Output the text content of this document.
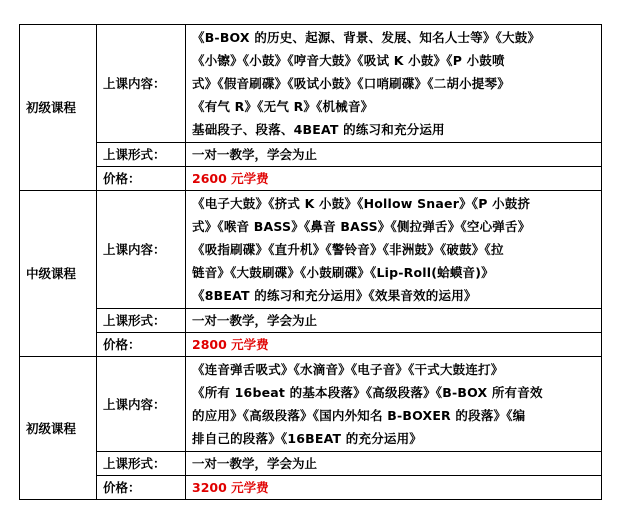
初级课程	上课内容：	《B-BOX 的历史、起源、背景、发展、知名人士等》《大鼓》
《小镲》《小鼓》《哼音大鼓》《吸试 K 小鼓》《P 小鼓喷
式》《假音刷碟》《吸试小鼓》《口哨刷碟》《二胡小提琴》
《有气 R》《无气 R》《机械音》
基础段子、段落、4BEAT 的练习和充分运用

	上课形式：	一对一教学，学会为止
	价格：	2600 元学费
中级课程	上课内容：	《电子大鼓》《挤式 K 小鼓》《Hollow Snaer》《P 小鼓挤
式》《喉音 BASS》《鼻音 BASS》《侧拉弹舌》《空心弹舌》
《吸指刷碟》《直升机》《警铃音》《非洲鼓》《破鼓》《拉
链音》《大鼓刷碟》《小鼓刷碟》《Lip-Roll(蛤蟆音)》
《8BEAT 的练习和充分运用》《效果音效的运用》

	上课形式：	一对一教学，学会为止
	价格：	2800 元学费
初级课程	上课内容：	《连音弹舌吸式》《水滴音》《电子音》《干式大鼓连打》
《所有 16beat 的基本段落》《高级段落》《B-BOX 所有音效
的应用》《高级段落》《国内外知名 B-BOXER 的段落》《编
排自己的段落》《16BEAT 的充分运用》

	上课形式：	一对一教学，学会为止
	价格：	3200 元学费
